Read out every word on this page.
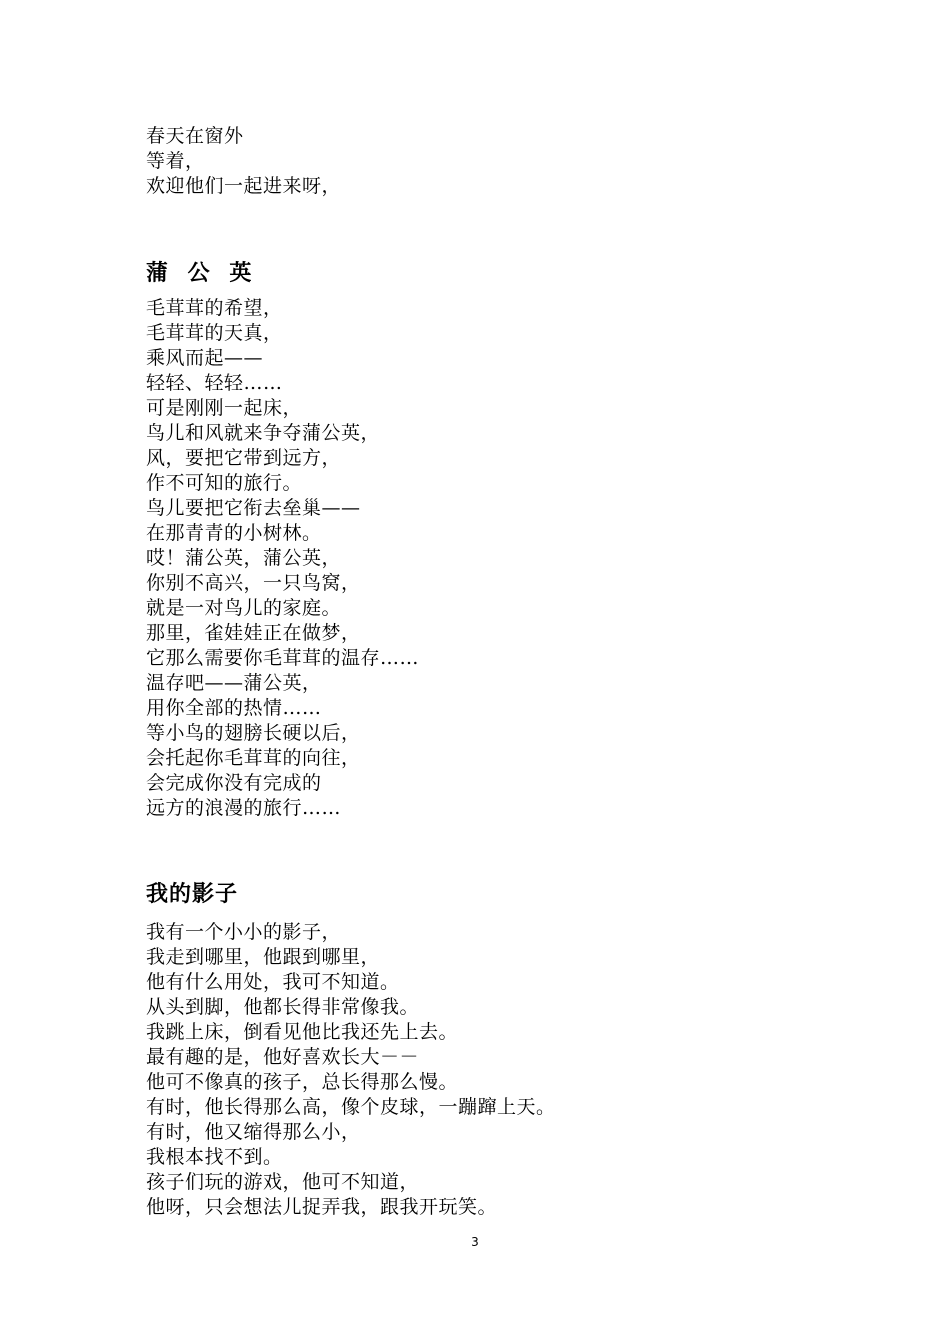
春天在窗外
等着，
欢迎他们一起进来呀，
蒲 公 英
毛茸茸的希望，
毛茸茸的天真，
乘风而起——
轻轻、轻轻……
可是刚刚一起床，
鸟儿和风就来争夺蒲公英，
风，要把它带到远方，
作不可知的旅行。
鸟儿要把它衔去垒巢——
在那青青的小树林。
哎！蒲公英，蒲公英，
你别不高兴，一只鸟窝，
就是一对鸟儿的家庭。
那里，雀娃娃正在做梦，
它那么需要你毛茸茸的温存……
温存吧——蒲公英，
用你全部的热情……
等小鸟的翅膀长硬以后，
会托起你毛茸茸的向往，
会完成你没有完成的
远方的浪漫的旅行……
我的影子
我有一个小小的影子，
我走到哪里，他跟到哪里，
他有什么用处，我可不知道。
从头到脚，他都长得非常像我。
我跳上床，倒看见他比我还先上去。
最有趣的是，他好喜欢长大－－
他可不像真的孩子，总长得那么慢。
有时，他长得那么高，像个皮球，一蹦蹿上天。
有时，他又缩得那么小，
我根本找不到。
孩子们玩的游戏，他可不知道，
他呀，只会想法儿捉弄我，跟我开玩笑。
3
